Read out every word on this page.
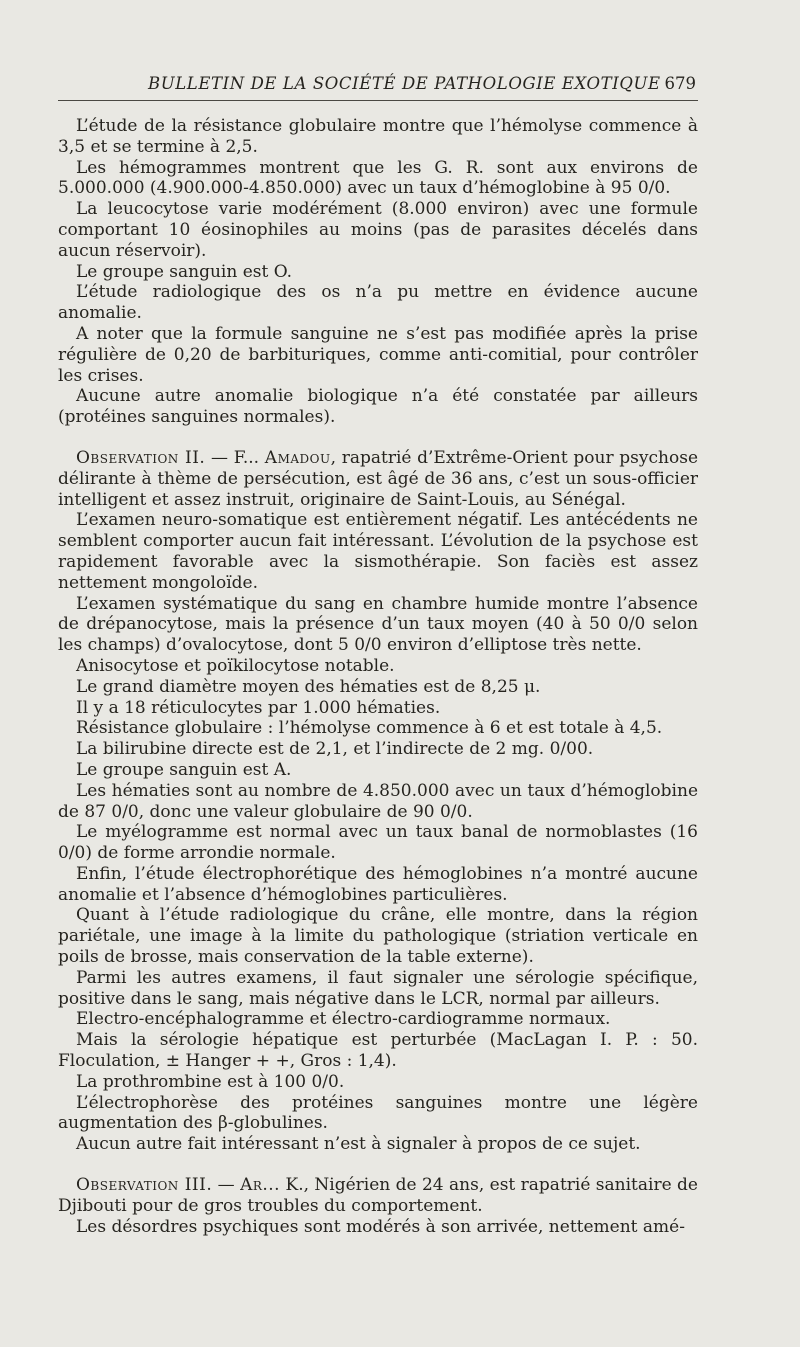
BULLETIN DE LA SOCIÉTÉ DE PATHOLOGIE EXOTIQUE 679

L’étude de la résistance globulaire montre que l’hémolyse commence à 3,5 et se termine à 2,5.

Les hémogrammes montrent que les G. R. sont aux environs de 5.000.000 (4.900.000-4.850.000) avec un taux d’hémoglobine à 95 0/0.

La leucocytose varie modérément (8.000 environ) avec une formule comportant 10 éosinophiles au moins (pas de parasites décelés dans aucun réservoir).

Le groupe sanguin est O.

L’étude radiologique des os n’a pu mettre en évidence aucune anomalie.

A noter que la formule sanguine ne s’est pas modifiée après la prise régulière de 0,20 de barbituriques, comme anti-comitial, pour contrôler les crises.

Aucune autre anomalie biologique n’a été constatée par ailleurs (protéines sanguines normales).

Observation II. — F... Amadou, rapatrié d’Extrême-Orient pour psychose délirante à thème de persécution, est âgé de 36 ans, c’est un sous-officier intelligent et assez instruit, originaire de Saint-Louis, au Sénégal.

L’examen neuro-somatique est entièrement négatif. Les antécédents ne semblent comporter aucun fait intéressant. L’évolution de la psychose est rapidement favorable avec la sismothérapie. Son faciès est assez nettement mongoloïde.

L’examen systématique du sang en chambre humide montre l’absence de drépanocytose, mais la présence d’un taux moyen (40 à 50 0/0 selon les champs) d’ovalocytose, dont 5 0/0 environ d’elliptose très nette.

Anisocytose et poïkilocytose notable.

Le grand diamètre moyen des hématies est de 8,25 μ.

Il y a 18 réticulocytes par 1.000 hématies.

Résistance globulaire : l’hémolyse commence à 6 et est totale à 4,5.

La bilirubine directe est de 2,1, et l’indirecte de 2 mg. 0/00.

Le groupe sanguin est A.

Les hématies sont au nombre de 4.850.000 avec un taux d’hémoglobine de 87 0/0, donc une valeur globulaire de 90 0/0.

Le myélogramme est normal avec un taux banal de normoblastes (16 0/0) de forme arrondie normale.

Enfin, l’étude électrophorétique des hémoglobines n’a montré aucune anomalie et l’absence d’hémoglobines particulières.

Quant à l’étude radiologique du crâne, elle montre, dans la région pariétale, une image à la limite du pathologique (striation verticale en poils de brosse, mais conservation de la table externe).

Parmi les autres examens, il faut signaler une sérologie spécifique, positive dans le sang, mais négative dans le LCR, normal par ailleurs.

Electro-encéphalogramme et électro-cardiogramme normaux.

Mais la sérologie hépatique est perturbée (MacLagan I. P. : 50. Floculation, ± Hanger + +, Gros : 1,4).

La prothrombine est à 100 0/0.

L’électrophorèse des protéines sanguines montre une légère augmentation des β-globulines.

Aucun autre fait intéressant n’est à signaler à propos de ce sujet.

Observation III. — Ar... K., Nigérien de 24 ans, est rapatrié sanitaire de Djibouti pour de gros troubles du comportement.

Les désordres psychiques sont modérés à son arrivée, nettement amé-
